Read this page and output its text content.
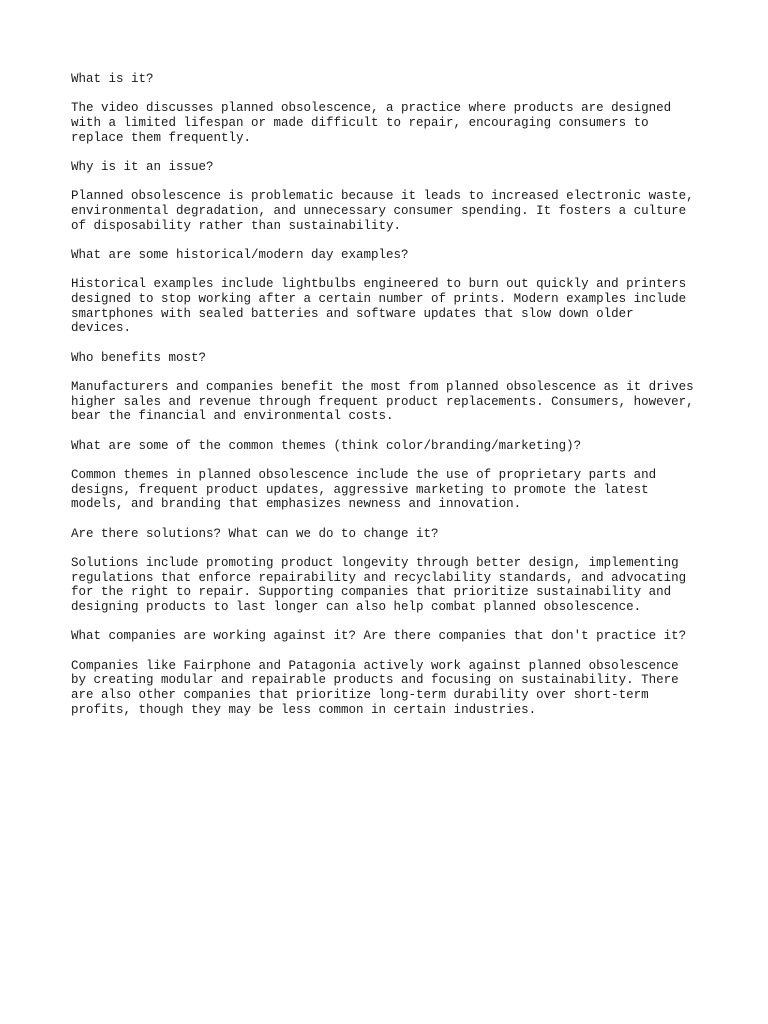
What is it?
The video discusses planned obsolescence, a practice where products are designed
with a limited lifespan or made difficult to repair, encouraging consumers to
replace them frequently.
Why is it an issue?
Planned obsolescence is problematic because it leads to increased electronic waste,
environmental degradation, and unnecessary consumer spending. It fosters a culture
of disposability rather than sustainability.
What are some historical/modern day examples?
Historical examples include lightbulbs engineered to burn out quickly and printers
designed to stop working after a certain number of prints. Modern examples include
smartphones with sealed batteries and software updates that slow down older
devices.
Who benefits most?
Manufacturers and companies benefit the most from planned obsolescence as it drives
higher sales and revenue through frequent product replacements. Consumers, however,
bear the financial and environmental costs.
What are some of the common themes (think color/branding/marketing)?
Common themes in planned obsolescence include the use of proprietary parts and
designs, frequent product updates, aggressive marketing to promote the latest
models, and branding that emphasizes newness and innovation.
Are there solutions? What can we do to change it?
Solutions include promoting product longevity through better design, implementing
regulations that enforce repairability and recyclability standards, and advocating
for the right to repair. Supporting companies that prioritize sustainability and
designing products to last longer can also help combat planned obsolescence.
What companies are working against it? Are there companies that don't practice it?
Companies like Fairphone and Patagonia actively work against planned obsolescence
by creating modular and repairable products and focusing on sustainability. There
are also other companies that prioritize long-term durability over short-term
profits, though they may be less common in certain industries.
